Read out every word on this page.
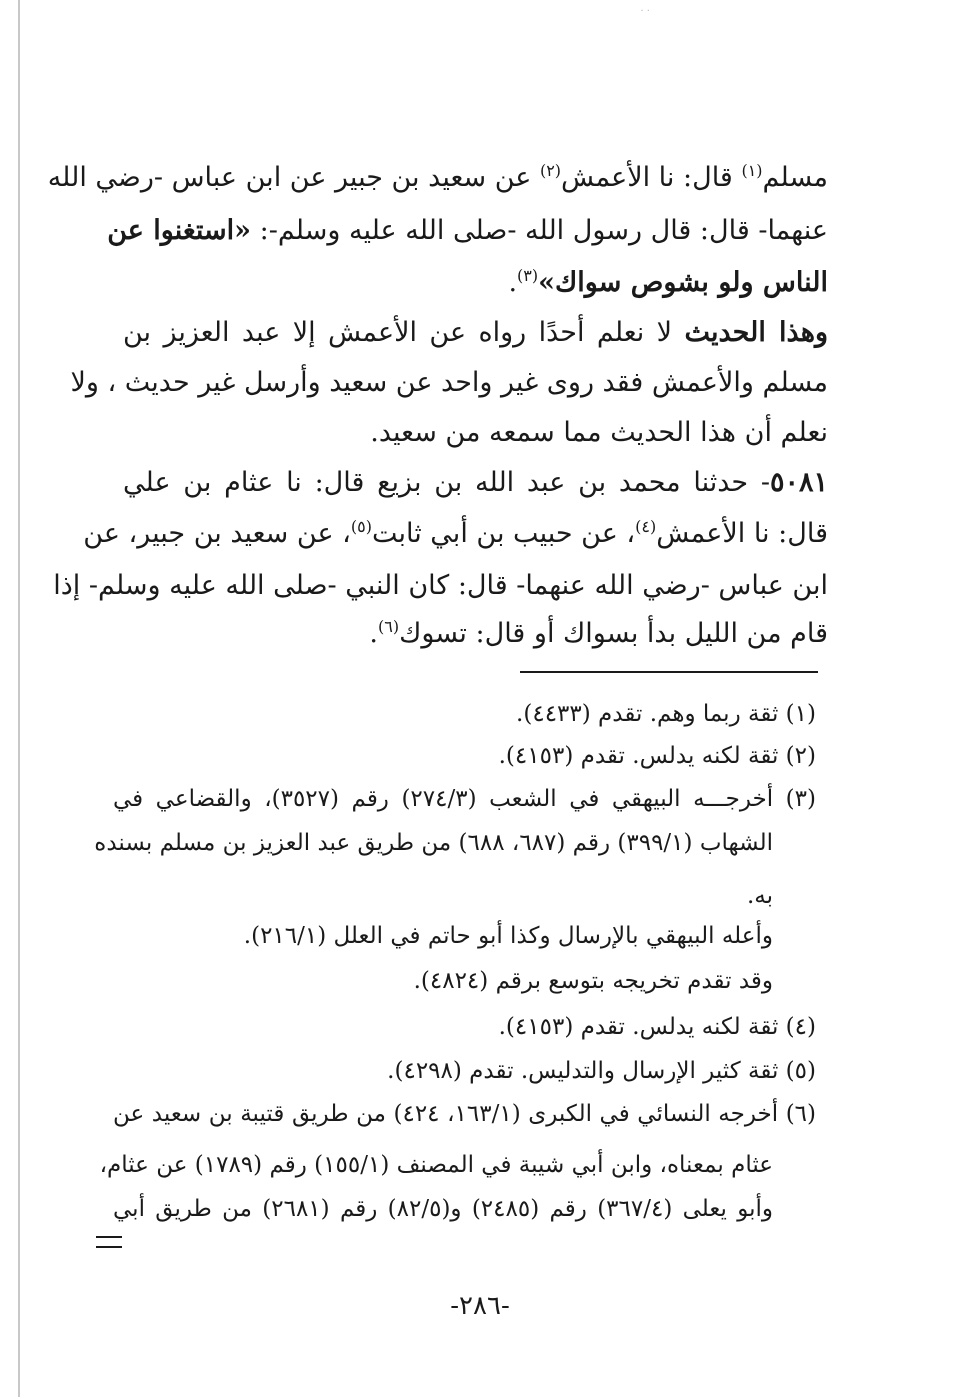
· ·
مسلم$^{(١)}$ قال: نا الأعمش$^{(٢)}$ عن سعيد بن جبير عن ابن عباس -رضي الله
عنهما- قال: قال رسول الله -صلى الله عليه وسلم-: «استغنوا عن
الناس ولو بشوص سواك»$^{(٣)}$.
وهذا الحديث لا نعلم أحدًا رواه عن الأعمش إلا عبد العزيز بن
مسلم والأعمش فقد روى غير واحد عن سعيد وأرسل غير حديث ، ولا
نعلم أن هذا الحديث مما سمعه من سعيد.
٥٠٨١- حدثنا محمد بن عبد الله بن بزيع قال: نا عثام بن علي
قال: نا الأعمش$^{(٤)}$، عن حبيب بن أبي ثابت$^{(٥)}$، عن سعيد بن جبير، عن
ابن عباس -رضي الله عنهما- قال: كان النبي -صلى الله عليه وسلم- إذا
قام من الليل بدأ بسواك أو قال: تسوك$^{(٦)}$.
(١) ثقة ربما وهم. تقدم (٤٤٣٣).
(٢) ثقة لكنه يدلس. تقدم (٤١٥٣).
(٣) أخرجـــه البيهقي في الشعب (٢٧٤/٣) رقم (٣٥٢٧)، والقضاعي في
الشهاب (٣٩٩/١) رقم (٦٨٧، ٦٨٨) من طريق عبد العزيز بن مسلم بسنده
به.
وأعله البيهقي بالإرسال وكذا أبو حاتم في العلل (٢١٦/١).
وقد تقدم تخريجه بتوسع برقم (٤٨٢٤).
(٤) ثقة لكنه يدلس. تقدم (٤١٥٣).
(٥) ثقة كثير الإرسال والتدليس. تقدم (٤٢٩٨).
(٦) أخرجه النسائي في الكبرى (١٦٣/١، ٤٢٤) من طريق قتيبة بن سعيد عن
عثام بمعناه، وابن أبي شيبة في المصنف (١٥٥/١) رقم (١٧٨٩) عن عثام،
وأبو يعلى (٣٦٧/٤) رقم (٢٤٨٥) و(٨٢/٥) رقم (٢٦٨١) من طريق أبي
-٢٨٦-
